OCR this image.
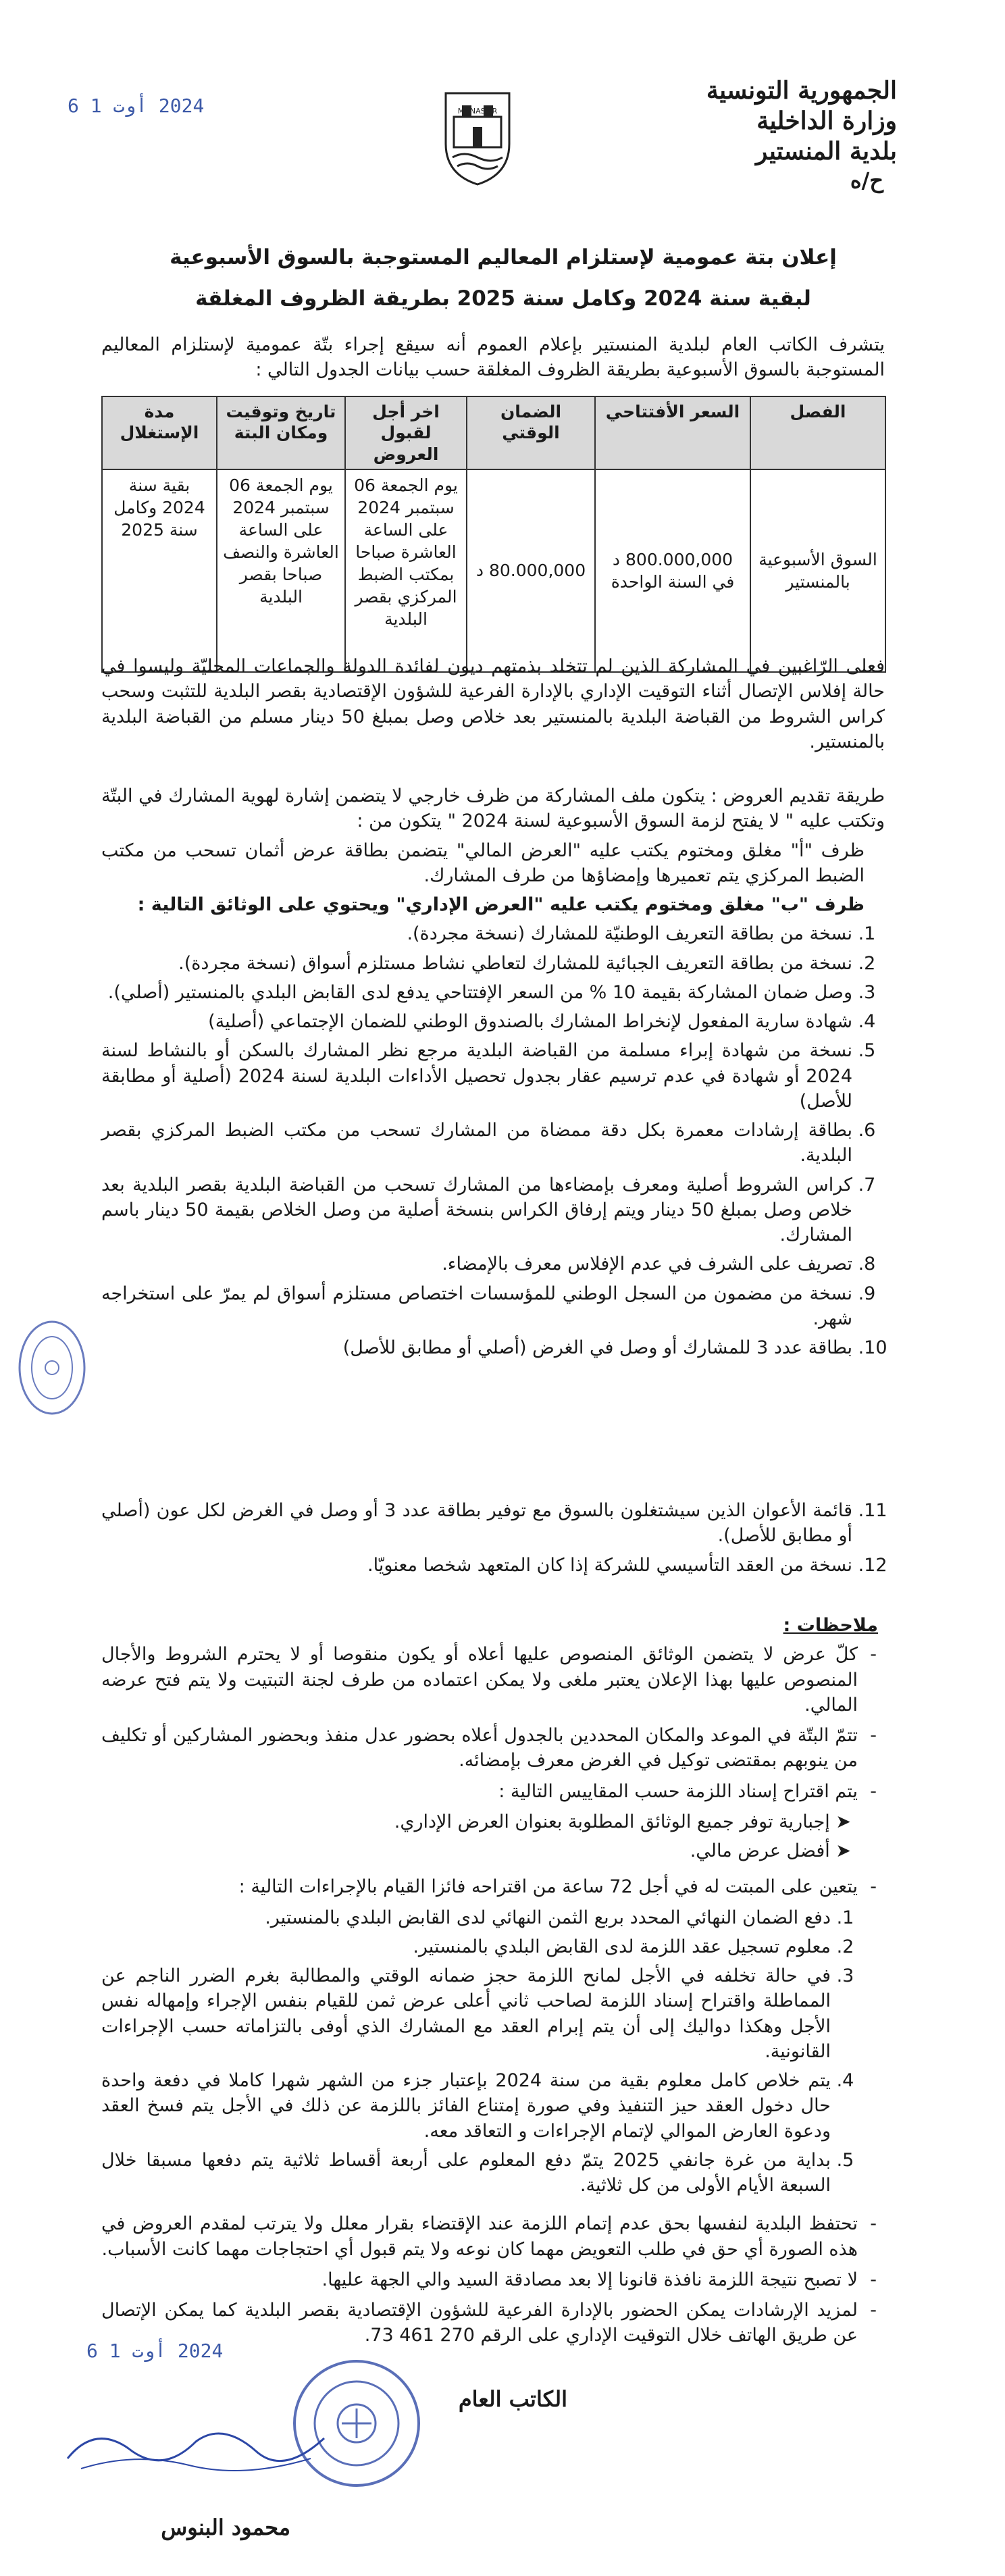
2024 أوت 1 6	MONASTIR
الجمهورية التونسية
وزارة الداخلية
بلدية المنستير
ح/ه
إعلان بتة عمومية لإستلزام المعاليم المستوجبة بالسوق الأسبوعية
لبقية سنة 2024 وكامل سنة 2025 بطريقة الظروف المغلقة
يتشرف الكاتب العام لبلدية المنستير بإعلام العموم أنه سيقع إجراء بتّة عمومية لإستلزام المعاليم المستوجبة بالسوق الأسبوعية بطريقة الظروف المغلقة حسب بيانات الجدول التالي :
الفصل	السعر الأفتتاحي	الضمان الوقتي	اخر أجل لقبول العروض	تاريخ وتوقيت ومكان البتة	مدة الإستغلال
السوق الأسبوعية بالمنستير	800.000,000 د في السنة الواحدة	80.000,000 د	يوم الجمعة 06 سبتمبر 2024 على الساعة العاشرة صباحا بمكتب الضبط المركزي بقصر البلدية	يوم الجمعة 06 سبتمبر 2024 على الساعة العاشرة والنصف صباحا بقصر البلدية	بقية سنة 2024 وكامل سنة 2025
فعلى الرّاغبين في المشاركة الذين لم تتخلد بذمتهم ديون لفائدة الدولة والجماعات المحليّة وليسوا في حالة إفلاس الإتصال أثناء التوقيت الإداري بالإدارة الفرعية للشؤون الإقتصادية بقصر البلدية للتثبت وسحب كراس الشروط من القباضة البلدية بالمنستير بعد خلاص وصل بمبلغ 50 دينار مسلم من القباضة البلدية بالمنستير.

طريقة تقديم العروض : يتكون ملف المشاركة من ظرف خارجي لا يتضمن إشارة لهوية المشارك في البتّة وتكتب عليه " لا يفتح لزمة السوق الأسبوعية لسنة 2024 " يتكون من :

ظرف "أ" مغلق ومختوم يكتب عليه "العرض المالي" يتضمن بطاقة عرض أثمان تسحب من مكتب الضبط المركزي يتم تعميرها وإمضاؤها من طرف المشارك.

ظرف "ب" مغلق ومختوم يكتب عليه "العرض الإداري" ويحتوي على الوثائق التالية :

1. نسخة من بطاقة التعريف الوطنيّة للمشارك (نسخة مجردة).
2. نسخة من بطاقة التعريف الجبائية للمشارك لتعاطي نشاط مستلزم أسواق (نسخة مجردة).
3. وصل ضمان المشاركة بقيمة 10 % من السعر الإفتتاحي يدفع لدى القابض البلدي بالمنستير (أصلي).
4. شهادة سارية المفعول لإنخراط المشارك بالصندوق الوطني للضمان الإجتماعي (أصلية)
5. نسخة من شهادة إبراء مسلمة من القباضة البلدية مرجع نظر المشارك بالسكن أو بالنشاط لسنة 2024 أو شهادة في عدم ترسيم عقار بجدول تحصيل الأداءات البلدية لسنة 2024 (أصلية أو مطابقة للأصل)
6. بطاقة إرشادات معمرة بكل دقة ممضاة من المشارك تسحب من مكتب الضبط المركزي بقصر البلدية.
7. كراس الشروط أصلية ومعرف بإمضاءها من المشارك تسحب من القباضة البلدية بقصر البلدية بعد خلاص وصل بمبلغ 50 دينار ويتم إرفاق الكراس بنسخة أصلية من وصل الخلاص بقيمة 50 دينار باسم المشارك.
8. تصريف على الشرف في عدم الإفلاس معرف بالإمضاء.
9. نسخة من مضمون من السجل الوطني للمؤسسات اختصاص مستلزم أسواق لم يمرّ على استخراجه شهر.
10. بطاقة عدد 3 للمشارك أو وصل في الغرض (أصلي أو مطابق للأصل)
11. قائمة الأعوان الذين سيشتغلون بالسوق مع توفير بطاقة عدد 3 أو وصل في الغرض لكل عون (أصلي أو مطابق للأصل).
12. نسخة من العقد التأسيسي للشركة إذا كان المتعهد شخصا معنويّا.

ملاحظات :

- كلّ عرض لا يتضمن الوثائق المنصوص عليها أعلاه أو يكون منقوصا أو لا يحترم الشروط والأجال المنصوص عليها بهذا الإعلان يعتبر ملغى ولا يمكن اعتماده من طرف لجنة التبتيت ولا يتم فتح عرضه المالي.
- تتمّ البتّة في الموعد والمكان المحددين بالجدول أعلاه بحضور عدل منفذ وبحضور المشاركين أو تكليف من ينوبهم بمقتضى توكيل في الغرض معرف بإمضائه.
- يتم اقتراح إسناد اللزمة حسب المقاييس التالية :

➤ إجبارية توفر جميع الوثائق المطلوبة بعنوان العرض الإداري.

➤ أفضل عرض مالي.

- يتعين على المبتت له في أجل 72 ساعة من اقتراحه فائزا القيام بالإجراءات التالية :
1. دفع الضمان النهائي المحدد بربع الثمن النهائي لدى القابض البلدي بالمنستير.
2. معلوم تسجيل عقد اللزمة لدى القابض البلدي بالمنستير.
3. في حالة تخلفه في الأجل لمانح اللزمة حجز ضمانه الوقتي والمطالبة بغرم الضرر الناجم عن المماطلة واقتراح إسناد اللزمة لصاحب ثاني أعلى عرض ثمن للقيام بنفس الإجراء وإمهاله نفس الأجل وهكذا دواليك إلى أن يتم إبرام العقد مع المشارك الذي أوفى بالتزاماته حسب الإجراءات القانونية.
4. يتم خلاص كامل معلوم بقية من سنة 2024 بإعتبار جزء من الشهر شهرا كاملا في دفعة واحدة حال دخول العقد حيز التنفيذ وفي صورة إمتناع الفائز باللزمة عن ذلك في الأجل يتم فسخ العقد ودعوة العارض الموالي لإتمام الإجراءات و التعاقد معه.
5. بداية من غرة جانفي 2025 يتمّ دفع المعلوم على أربعة أقساط ثلاثية يتم دفعها مسبقا خلال السبعة الأيام الأولى من كل ثلاثية.
- تحتفظ البلدية لنفسها بحق عدم إتمام اللزمة عند الإقتضاء بقرار معلل ولا يترتب لمقدم العروض في هذه الصورة أي حق في طلب التعويض مهما كان نوعه ولا يتم قبول أي احتجاجات مهما كانت الأسباب.
- لا تصبح نتيجة اللزمة نافذة قانونا إلا بعد مصادقة السيد والي الجهة عليها.
- لمزيد الإرشادات يمكن الحضور بالإدارة الفرعية للشؤون الإقتصادية بقصر البلدية كما يمكن الإتصال عن طريق الهاتف خلال التوقيت الإداري على الرقم 270 461 73.
2024 أوت 1 6
الكاتب العام
محمود البنوس
